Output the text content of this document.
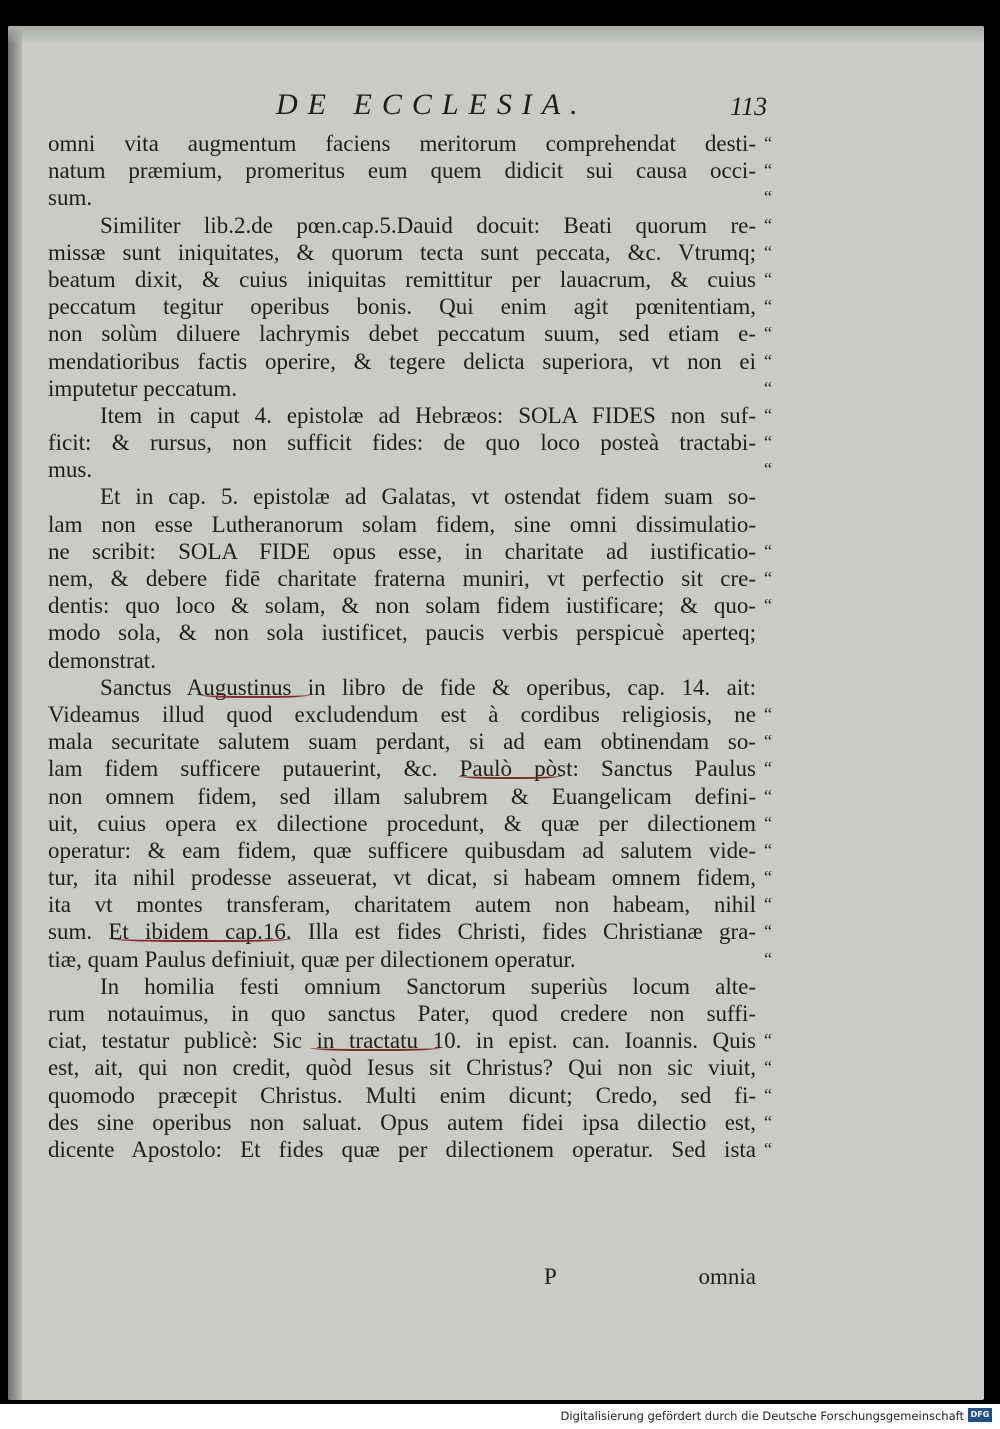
DE ECCLESIA.	113
omni vita augmentum faciens meritorum comprehendat desti- “
natum præmium, promeritus eum quem didicit sui causa occi- “
sum.	“
Similiter lib.2.de pœn.cap.5.Dauid docuit: Beati quorum re- “
missæ sunt iniquitates, & quorum tecta sunt peccata, &c. Vtrumq; “
beatum dixit, & cuius iniquitas remittitur per lauacrum, & cuius “
peccatum tegitur operibus bonis. Qui enim agit pœnitentiam, “
non solùm diluere lachrymis debet peccatum suum, sed etiam e- “
mendatioribus factis operire, & tegere delicta superiora, vt non ei “
imputetur peccatum.	“
Item in caput 4. epistolæ ad Hebræos: SOLA FIDES non suf- “
ficit: & rursus, non sufficit fides: de quo loco posteà tractabi- “
mus.	“
Et in cap. 5. epistolæ ad Galatas, vt ostendat fidem suam so-
lam non esse Lutheranorum solam fidem, sine omni dissimulatio-
ne scribit: SOLA FIDE opus esse, in charitate ad iustificatio- “
nem, & debere fidē charitate fraterna muniri, vt perfectio sit cre- “
dentis: quo loco & solam, & non solam fidem iustificare; & quo- “
modo sola, & non sola iustificet, paucis verbis perspicuè aperteq;
demonstrat.
Sanctus Augustinus in libro de fide & operibus, cap. 14. ait:
Videamus illud quod excludendum est à cordibus religiosis, ne “
mala securitate salutem suam perdant, si ad eam obtinendam so- “
lam fidem sufficere putauerint, &c. Paulò pòst: Sanctus Paulus “
non omnem fidem, sed illam salubrem & Euangelicam defini- “
uit, cuius opera ex dilectione procedunt, & quæ per dilectionem “
operatur: & eam fidem, quæ sufficere quibusdam ad salutem vide- “
tur, ita nihil prodesse asseuerat, vt dicat, si habeam omnem fidem, “
ita vt montes transferam, charitatem autem non habeam, nihil “
sum. Et ibidem cap.16. Illa est fides Christi, fides Christianæ gra- “
tiæ, quam Paulus definiuit, quæ per dilectionem operatur.	“
In homilia festi omnium Sanctorum superiùs locum alte-
rum notauimus, in quo sanctus Pater, quod credere non suffi-
ciat, testatur publicè: Sic in tractatu 10. in epist. can. Ioannis. Quis “
est, ait, qui non credit, quòd Iesus sit Christus? Qui non sic viuit, “
quomodo præcepit Christus. Multi enim dicunt; Credo, sed fi- “
des sine operibus non saluat. Opus autem fidei ipsa dilectio est, “
dicente Apostolo: Et fides quæ per dilectionem operatur. Sed ista “
P	omnia
Digitalisierung gefördert durch die Deutsche Forschungsgemeinschaft DFG
